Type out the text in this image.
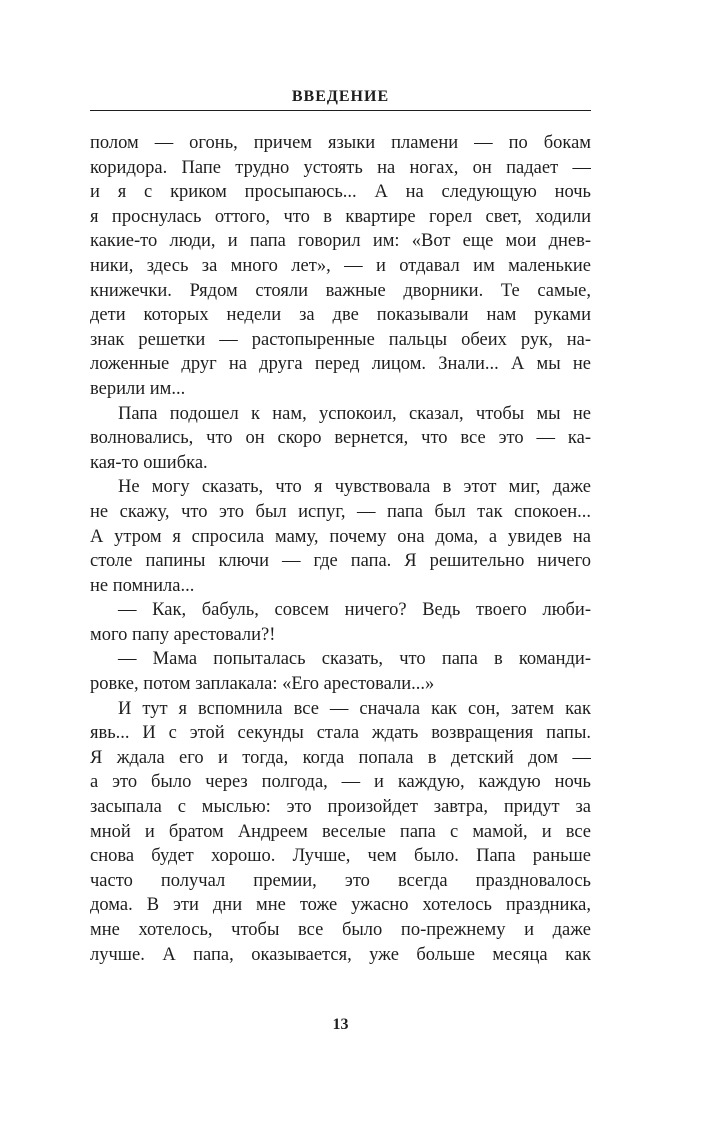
ВВЕДЕНИЕ
полом — огонь, причем языки пламени — по бокам
коридора. Папе трудно устоять на ногах, он падает —
и я с криком просыпаюсь... А на следующую ночь
я проснулась оттого, что в квартире горел свет, ходили
какие-то люди, и папа говорил им: «Вот еще мои днев-
ники, здесь за много лет», — и отдавал им маленькие
книжечки. Рядом стояли важные дворники. Те самые,
дети которых недели за две показывали нам руками
знак решетки — растопыренные пальцы обеих рук, на-
ложенные друг на друга перед лицом. Знали... А мы не
верили им...
Папа подошел к нам, успокоил, сказал, чтобы мы не
волновались, что он скоро вернется, что все это — ка-
кая-то ошибка.
Не могу сказать, что я чувствовала в этот миг, даже
не скажу, что это был испуг, — папа был так спокоен...
А утром я спросила маму, почему она дома, а увидев на
столе папины ключи — где папа. Я решительно ничего
не помнила...
— Как, бабуль, совсем ничего? Ведь твоего люби-
мого папу арестовали?!
— Мама попыталась сказать, что папа в команди-
ровке, потом заплакала: «Его арестовали...»
И тут я вспомнила все — сначала как сон, затем как
явь... И с этой секунды стала ждать возвращения папы.
Я ждала его и тогда, когда попала в детский дом —
а это было через полгода, — и каждую, каждую ночь
засыпала с мыслью: это произойдет завтра, придут за
мной и братом Андреем веселые папа с мамой, и все
снова будет хорошо. Лучше, чем было. Папа раньше
часто получал премии, это всегда праздновалось
дома. В эти дни мне тоже ужасно хотелось праздника,
мне хотелось, чтобы все было по-прежнему и даже
лучше. А папа, оказывается, уже больше месяца как
13
